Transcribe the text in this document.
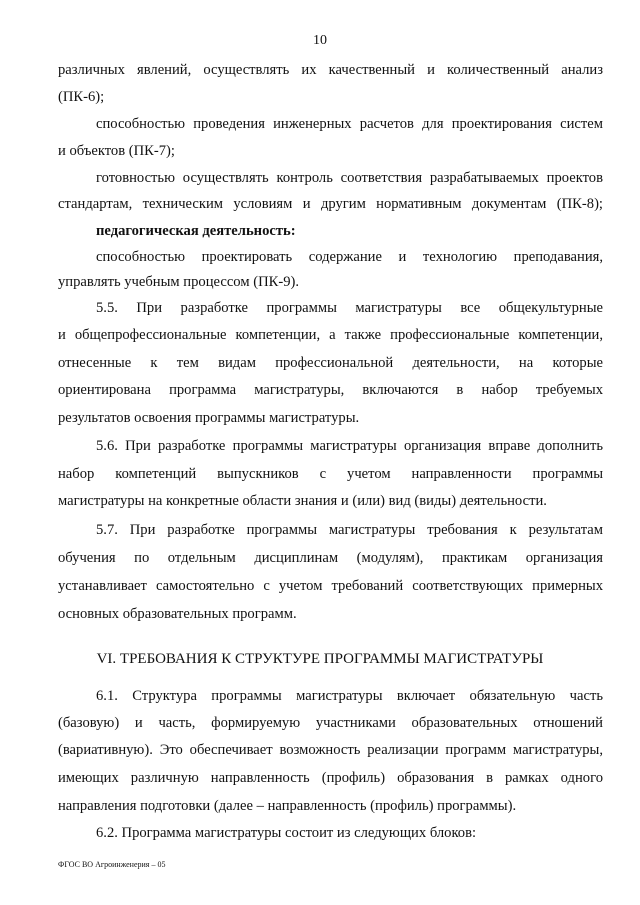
10
различных явлений, осуществлять их качественный и количественный анализ
(ПК-6);
способностью проведения инженерных расчетов для проектирования систем
и объектов (ПК-7);
готовностью осуществлять контроль соответствия разрабатываемых проектов
стандартам, техническим условиям и другим нормативным документам (ПК-8);
педагогическая деятельность:
способностью проектировать содержание и технологию преподавания,
управлять учебным процессом (ПК-9).
5.5. При разработке программы магистратуры все общекультурные
и общепрофессиональные компетенции, а также профессиональные компетенции,
отнесенные к тем видам профессиональной деятельности, на которые
ориентирована программа магистратуры, включаются в набор требуемых
результатов освоения программы магистратуры.
5.6. При разработке программы магистратуры организация вправе дополнить
набор компетенций выпускников с учетом направленности программы
магистратуры на конкретные области знания и (или) вид (виды) деятельности.
5.7. При разработке программы магистратуры требования к результатам
обучения по отдельным дисциплинам (модулям), практикам организация
устанавливает самостоятельно с учетом требований соответствующих примерных
основных образовательных программ.
VI. ТРЕБОВАНИЯ К СТРУКТУРЕ ПРОГРАММЫ МАГИСТРАТУРЫ
6.1. Структура программы магистратуры включает обязательную часть
(базовую) и часть, формируемую участниками образовательных отношений
(вариативную). Это обеспечивает возможность реализации программ магистратуры,
имеющих различную направленность (профиль) образования в рамках одного
направления подготовки (далее – направленность (профиль) программы).
6.2. Программа магистратуры состоит из следующих блоков:
ФГОС ВО Агроинженерия – 05
